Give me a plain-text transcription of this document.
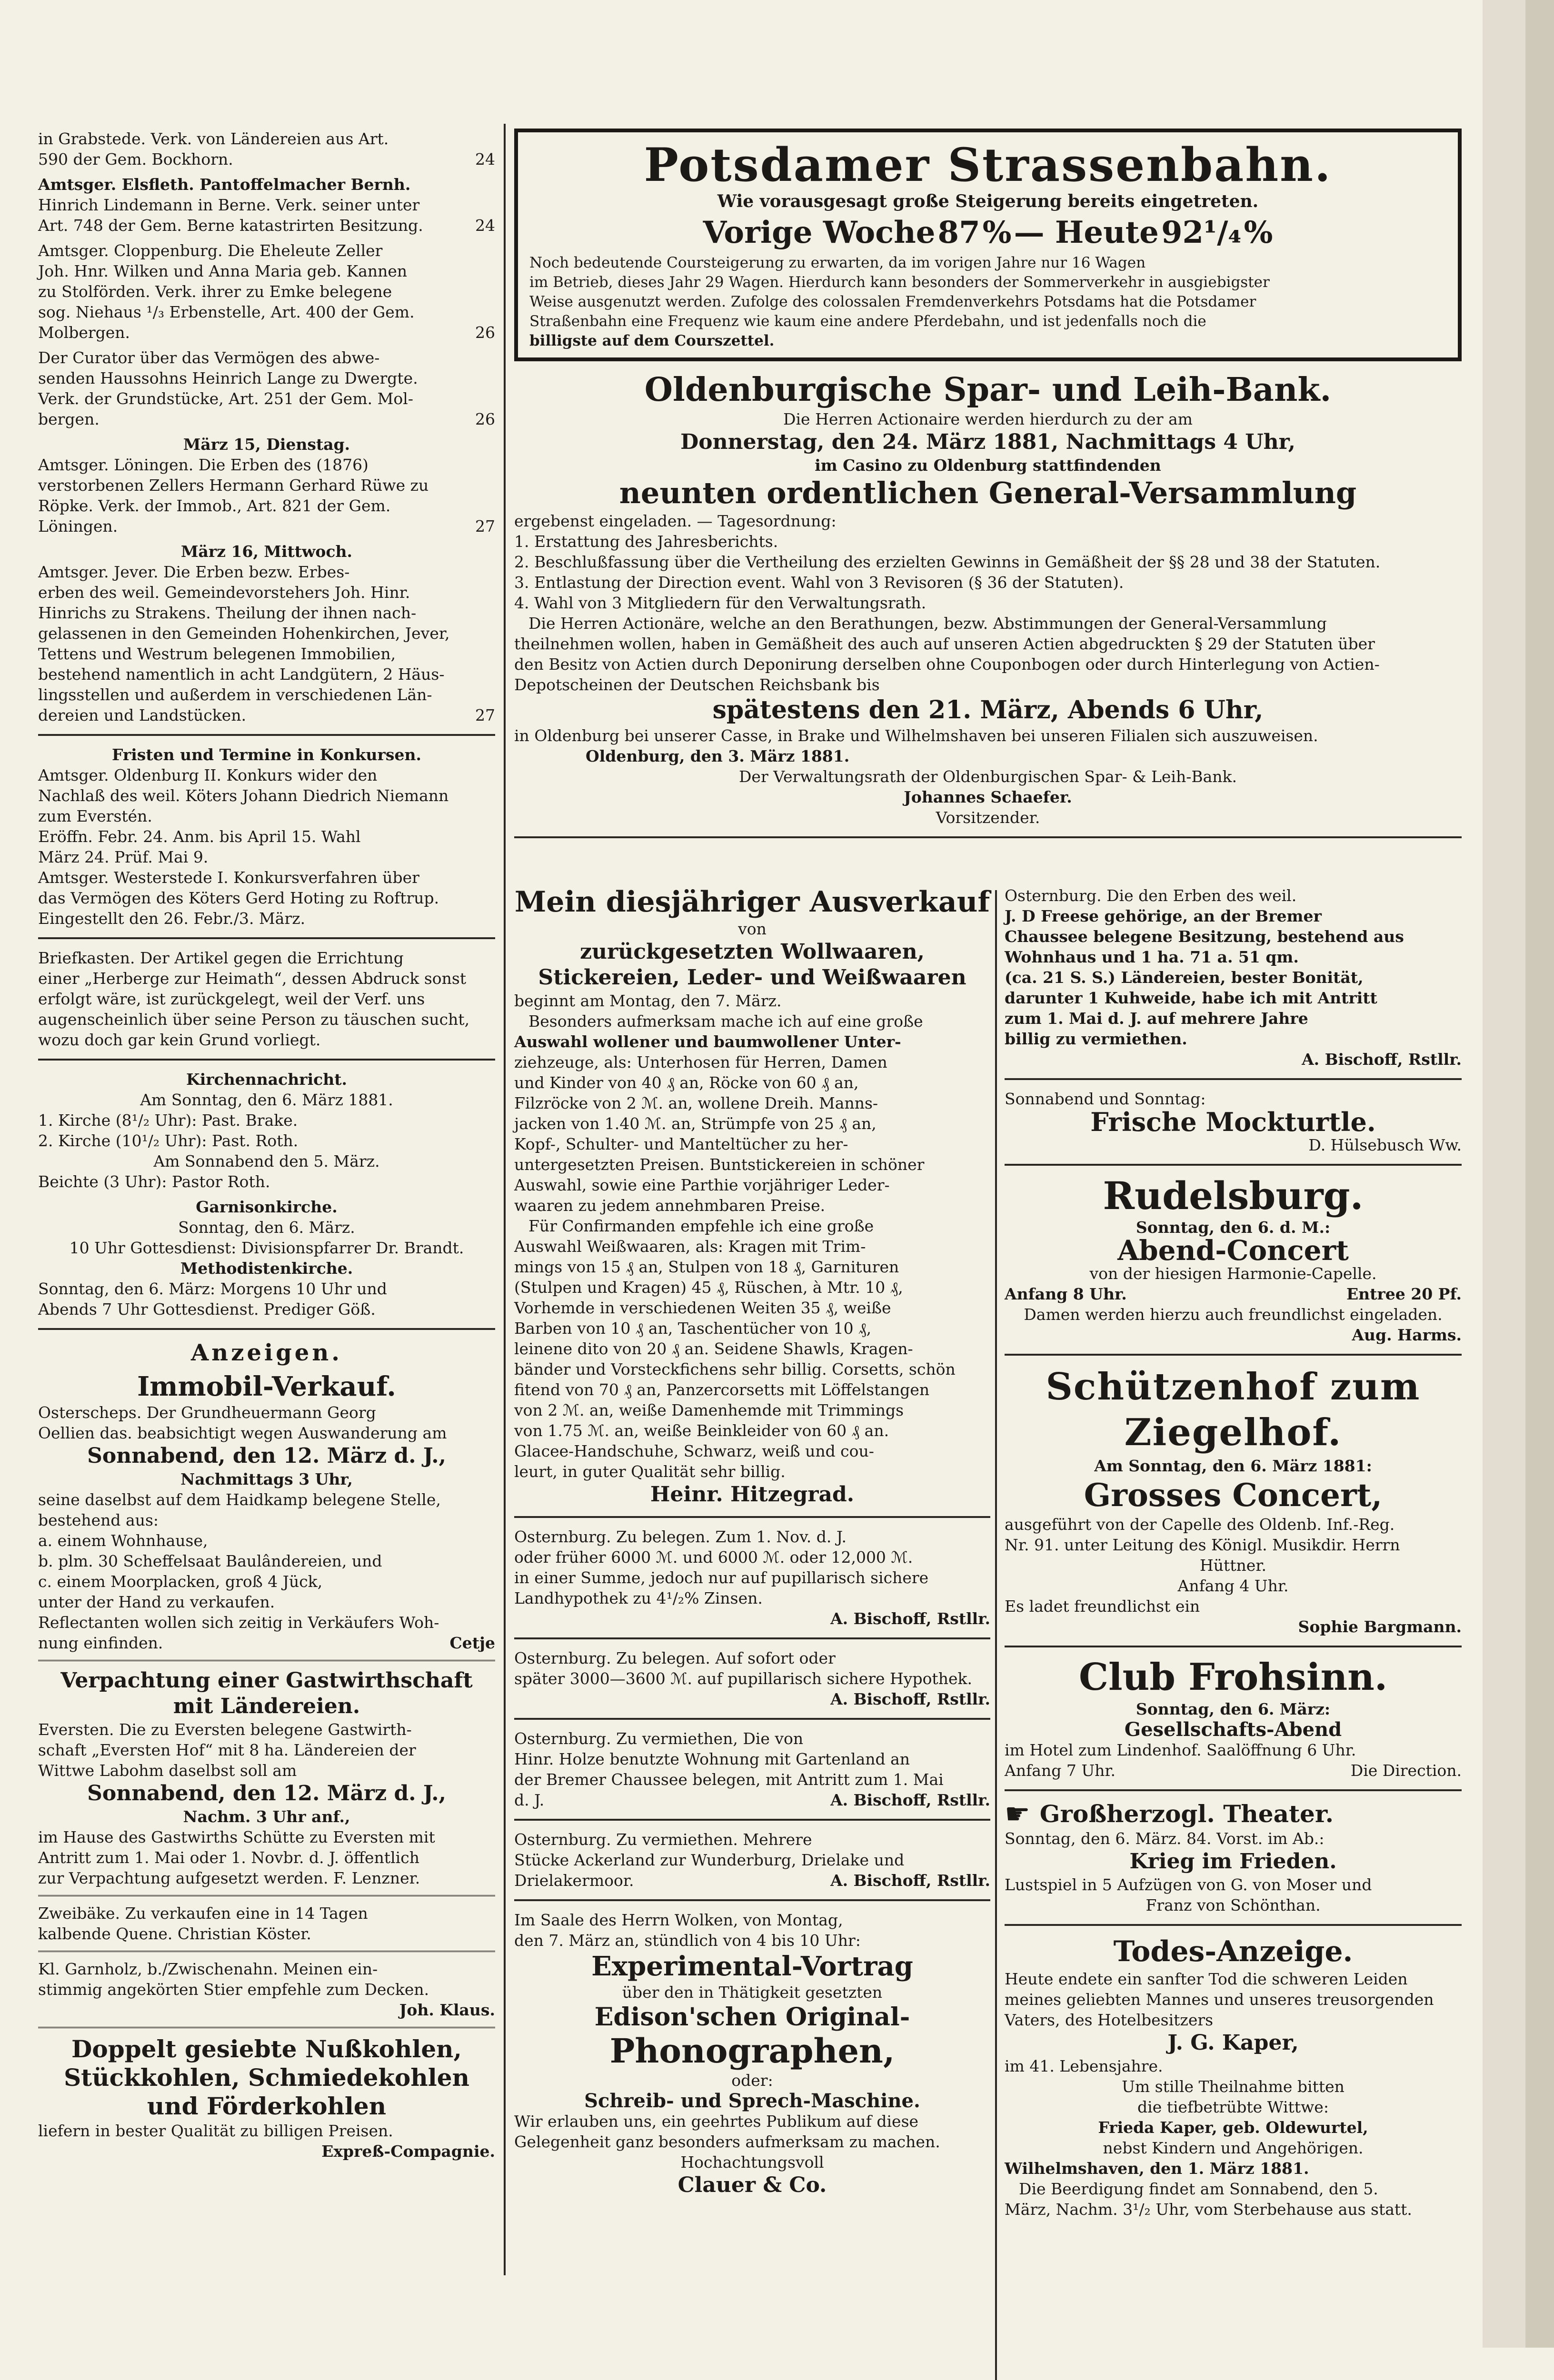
in Grabstede. Verk. von Ländereien aus Art.

590 der Gem. Bockhorn.	24

Amtsger. Elsfleth. Pantoffelmacher Bernh.

Hinrich Lindemann in Berne. Verk. seiner unter

Art. 748 der Gem. Berne katastrirten Besitzung.	24

Amtsger. Cloppenburg. Die Eheleute Zeller

Joh. Hnr. Wilken und Anna Maria geb. Kannen

zu Stolförden. Verk. ihrer zu Emke belegene

sog. Niehaus ¹/₃ Erbenstelle, Art. 400 der Gem.

Molbergen.	26

Der Curator über das Vermögen des abwe-

senden Haussohns Heinrich Lange zu Dwergte.

Verk. der Grundstücke, Art. 251 der Gem. Mol-

bergen.	26

März 15, Dienstag.

Amtsger. Löningen. Die Erben des (1876)

verstorbenen Zellers Hermann Gerhard Rüwe zu

Röpke. Verk. der Immob., Art. 821 der Gem.

Löningen.	27

März 16, Mittwoch.

Amtsger. Jever. Die Erben bezw. Erbes-

erben des weil. Gemeindevorstehers Joh. Hinr.

Hinrichs zu Strakens. Theilung der ihnen nach-

gelassenen in den Gemeinden Hohenkirchen, Jever,

Tettens und Westrum belegenen Immobilien,

bestehend namentlich in acht Landgütern, 2 Häus-

lingsstellen und außerdem in verschiedenen Län-

dereien und Landstücken.	27

Fristen und Termine in Konkursen.

Amtsger. Oldenburg II. Konkurs wider den

Nachlaß des weil. Köters Johann Diedrich Niemann

zum Everstén.

Eröffn. Febr. 24. Anm. bis April 15. Wahl

März 24. Prüf. Mai 9.

Amtsger. Westerstede I. Konkursverfahren über

das Vermögen des Köters Gerd Hoting zu Roftrup.

Eingestellt den 26. Febr./3. März.

Briefkasten. Der Artikel gegen die Errichtung

einer „Herberge zur Heimath“, dessen Abdruck sonst

erfolgt wäre, ist zurückgelegt, weil der Verf. uns

augenscheinlich über seine Person zu täuschen sucht,

wozu doch gar kein Grund vorliegt.

Kirchennachricht.

Am Sonntag, den 6. März 1881.

1. Kirche (8¹/₂ Uhr): Past. Brake.

2. Kirche (10¹/₂ Uhr): Past. Roth.

Am Sonnabend den 5. März.

Beichte (3 Uhr): Pastor Roth.

Garnisonkirche.

Sonntag, den 6. März.

10 Uhr Gottesdienst: Divisionspfarrer Dr. Brandt.

Methodistenkirche.

Sonntag, den 6. März: Morgens 10 Uhr und

Abends 7 Uhr Gottesdienst. Prediger Göß.

Anzeigen.

Immobil-Verkauf.

Osterscheps. Der Grundheuermann Georg

Oellien das. beabsichtigt wegen Auswanderung am

Sonnabend, den 12. März d. J.,

Nachmittags 3 Uhr,

seine daselbst auf dem Haidkamp belegene Stelle,

bestehend aus:

a. einem Wohnhause,

b. plm. 30 Scheffelsaat Baulândereien, und

c. einem Moorplacken, groß 4 Jück,

unter der Hand zu verkaufen.

Reflectanten wollen sich zeitig in Verkäufers Woh-

nung einfinden.	Cetje

Verpachtung einer Gastwirthschaft mit Ländereien.

Eversten. Die zu Eversten belegene Gastwirth-

schaft „Eversten Hof“ mit 8 ha. Ländereien der

Wittwe Labohm daselbst soll am

Sonnabend, den 12. März d. J.,

Nachm. 3 Uhr anf.,

im Hause des Gastwirths Schütte zu Eversten mit

Antritt zum 1. Mai oder 1. Novbr. d. J. öffentlich

zur Verpachtung aufgesetzt werden. F. Lenzner.

Zweibäke. Zu verkaufen eine in 14 Tagen

kalbende Quene. Christian Köster.

Kl. Garnholz, b./Zwischenahn. Meinen ein-

stimmig angekörten Stier empfehle zum Decken.

Joh. Klaus.

Doppelt gesiebte Nußkohlen, Stückkohlen, Schmiedekohlen und Förderkohlen

liefern in bester Qualität zu billigen Preisen.

Expreß-Compagnie.

Potsdamer Strassenbahn.

Wie vorausgesagt große Steigerung bereits eingetreten.

Vorige Woche 87 % — Heute 92¹/₄ %

Noch bedeutende Coursteigerung zu erwarten, da im vorigen Jahre nur 16 Wagen

im Betrieb, dieses Jahr 29 Wagen. Hierdurch kann besonders der Sommerverkehr in ausgiebigster

Weise ausgenutzt werden. Zufolge des colossalen Fremdenverkehrs Potsdams hat die Potsdamer

Straßenbahn eine Frequenz wie kaum eine andere Pferdebahn, und ist jedenfalls noch die

billigste auf dem Courszettel.

Oldenburgische Spar- und Leih-Bank.

Die Herren Actionaire werden hierdurch zu der am

Donnerstag, den 24. März 1881, Nachmittags 4 Uhr,

im Casino zu Oldenburg stattfindenden

neunten ordentlichen General-Versammlung

ergebenst eingeladen. — Tagesordnung:

1. Erstattung des Jahresberichts.

2. Beschlußfassung über die Vertheilung des erzielten Gewinns in Gemäßheit der §§ 28 und 38 der Statuten.

3. Entlastung der Direction event. Wahl von 3 Revisoren (§ 36 der Statuten).

4. Wahl von 3 Mitgliedern für den Verwaltungsrath.

Die Herren Actionäre, welche an den Berathungen, bezw. Abstimmungen der General-Versammlung

theilnehmen wollen, haben in Gemäßheit des auch auf unseren Actien abgedruckten § 29 der Statuten über

den Besitz von Actien durch Deponirung derselben ohne Couponbogen oder durch Hinterlegung von Actien-

Depotscheinen der Deutschen Reichsbank bis

spätestens den 21. März, Abends 6 Uhr,

in Oldenburg bei unserer Casse, in Brake und Wilhelmshaven bei unseren Filialen sich auszuweisen.

Oldenburg, den 3. März 1881.

Der Verwaltungsrath der Oldenburgischen Spar- & Leih-Bank.

Johannes Schaefer.

Vorsitzender.

Mein diesjähriger Ausverkauf

von

zurückgesetzten Wollwaaren, Stickereien, Leder- und Weißwaaren

beginnt am Montag, den 7. März.

Besonders aufmerksam mache ich auf eine große

Auswahl wollener und baumwollener Unter-

ziehzeuge, als: Unterhosen für Herren, Damen

und Kinder von 40 ₰ an, Röcke von 60 ₰ an,

Filzröcke von 2 ℳ. an, wollene Dreih. Manns-

jacken von 1.40 ℳ. an, Strümpfe von 25 ₰ an,

Kopf-, Schulter- und Manteltücher zu her-

untergesetzten Preisen. Buntstickereien in schöner

Auswahl, sowie eine Parthie vorjähriger Leder-

waaren zu jedem annehmbaren Preise.

Für Confirmanden empfehle ich eine große

Auswahl Weißwaaren, als: Kragen mit Trim-

mings von 15 ₰ an, Stulpen von 18 ₰, Garnituren

(Stulpen und Kragen) 45 ₰, Rüschen, à Mtr. 10 ₰,

Vorhemde in verschiedenen Weiten 35 ₰, weiße

Barben von 10 ₰ an, Taschentücher von 10 ₰,

leinene dito von 20 ₰ an. Seidene Shawls, Kragen-

bänder und Vorsteckfichens sehr billig. Corsetts, schön

fitend von 70 ₰ an, Panzercorsetts mit Löffelstangen

von 2 ℳ. an, weiße Damenhemde mit Trimmings

von 1.75 ℳ. an, weiße Beinkleider von 60 ₰ an.

Glacee-Handschuhe, Schwarz, weiß und cou-

leurt, in guter Qualität sehr billig.

Heinr. Hitzegrad.

Osternburg. Zu belegen. Zum 1. Nov. d. J.

oder früher 6000 ℳ. und 6000 ℳ. oder 12,000 ℳ.

in einer Summe, jedoch nur auf pupillarisch sichere

Landhypothek zu 4¹/₂% Zinsen.

A. Bischoff, Rstllr.

Osternburg. Zu belegen. Auf sofort oder

später 3000—3600 ℳ. auf pupillarisch sichere Hypothek.

A. Bischoff, Rstllr.

Osternburg. Zu vermiethen, Die von

Hinr. Holze benutzte Wohnung mit Gartenland an

der Bremer Chaussee belegen, mit Antritt zum 1. Mai

d. J.	A. Bischoff, Rstllr.

Osternburg. Zu vermiethen. Mehrere

Stücke Ackerland zur Wunderburg, Drielake und

Drielakermoor.	A. Bischoff, Rstllr.

Im Saale des Herrn Wolken, von Montag,

den 7. März an, stündlich von 4 bis 10 Uhr:

Experimental-Vortrag

über den in Thätigkeit gesetzten

Edison'schen Original-

Phonographen,

oder:

Schreib- und Sprech-Maschine.

Wir erlauben uns, ein geehrtes Publikum auf diese

Gelegenheit ganz besonders aufmerksam zu machen.

Hochachtungsvoll

Clauer & Co.

Osternburg. Die den Erben des weil.

J. D Freese gehörige, an der Bremer

Chaussee belegene Besitzung, bestehend aus

Wohnhaus und 1 ha. 71 a. 51 qm.

(ca. 21 S. S.) Ländereien, bester Bonität,

darunter 1 Kuhweide, habe ich mit Antritt

zum 1. Mai d. J. auf mehrere Jahre

billig zu vermiethen.

A. Bischoff, Rstllr.

Sonnabend und Sonntag:

Frische Mockturtle.

D. Hülsebusch Ww.

Rudelsburg.

Sonntag, den 6. d. M.:

Abend-Concert

von der hiesigen Harmonie-Capelle.

Anfang 8 Uhr.	Entree 20 Pf.

Damen werden hierzu auch freundlichst eingeladen.

Aug. Harms.

Schützenhof zum Ziegelhof.

Am Sonntag, den 6. März 1881:

Grosses Concert,

ausgeführt von der Capelle des Oldenb. Inf.-Reg.

Nr. 91. unter Leitung des Königl. Musikdir. Herrn

Hüttner.

Anfang 4 Uhr.

Es ladet freundlichst ein

Sophie Bargmann.

Club Frohsinn.

Sonntag, den 6. März:

Gesellschafts-Abend

im Hotel zum Lindenhof. Saalöffnung 6 Uhr.

Anfang 7 Uhr.	Die Direction.

☛ Großherzogl. Theater.

Sonntag, den 6. März. 84. Vorst. im Ab.:

Krieg im Frieden.

Lustspiel in 5 Aufzügen von G. von Moser und

Franz von Schönthan.

Todes-Anzeige.

Heute endete ein sanfter Tod die schweren Leiden

meines geliebten Mannes und unseres treusorgenden

Vaters, des Hotelbesitzers

J. G. Kaper,

im 41. Lebensjahre.

Um stille Theilnahme bitten

die tiefbetrübte Wittwe:

Frieda Kaper, geb. Oldewurtel,

nebst Kindern und Angehörigen.

Wilhelmshaven, den 1. März 1881.

Die Beerdigung findet am Sonnabend, den 5.

März, Nachm. 3¹/₂ Uhr, vom Sterbehause aus statt.
